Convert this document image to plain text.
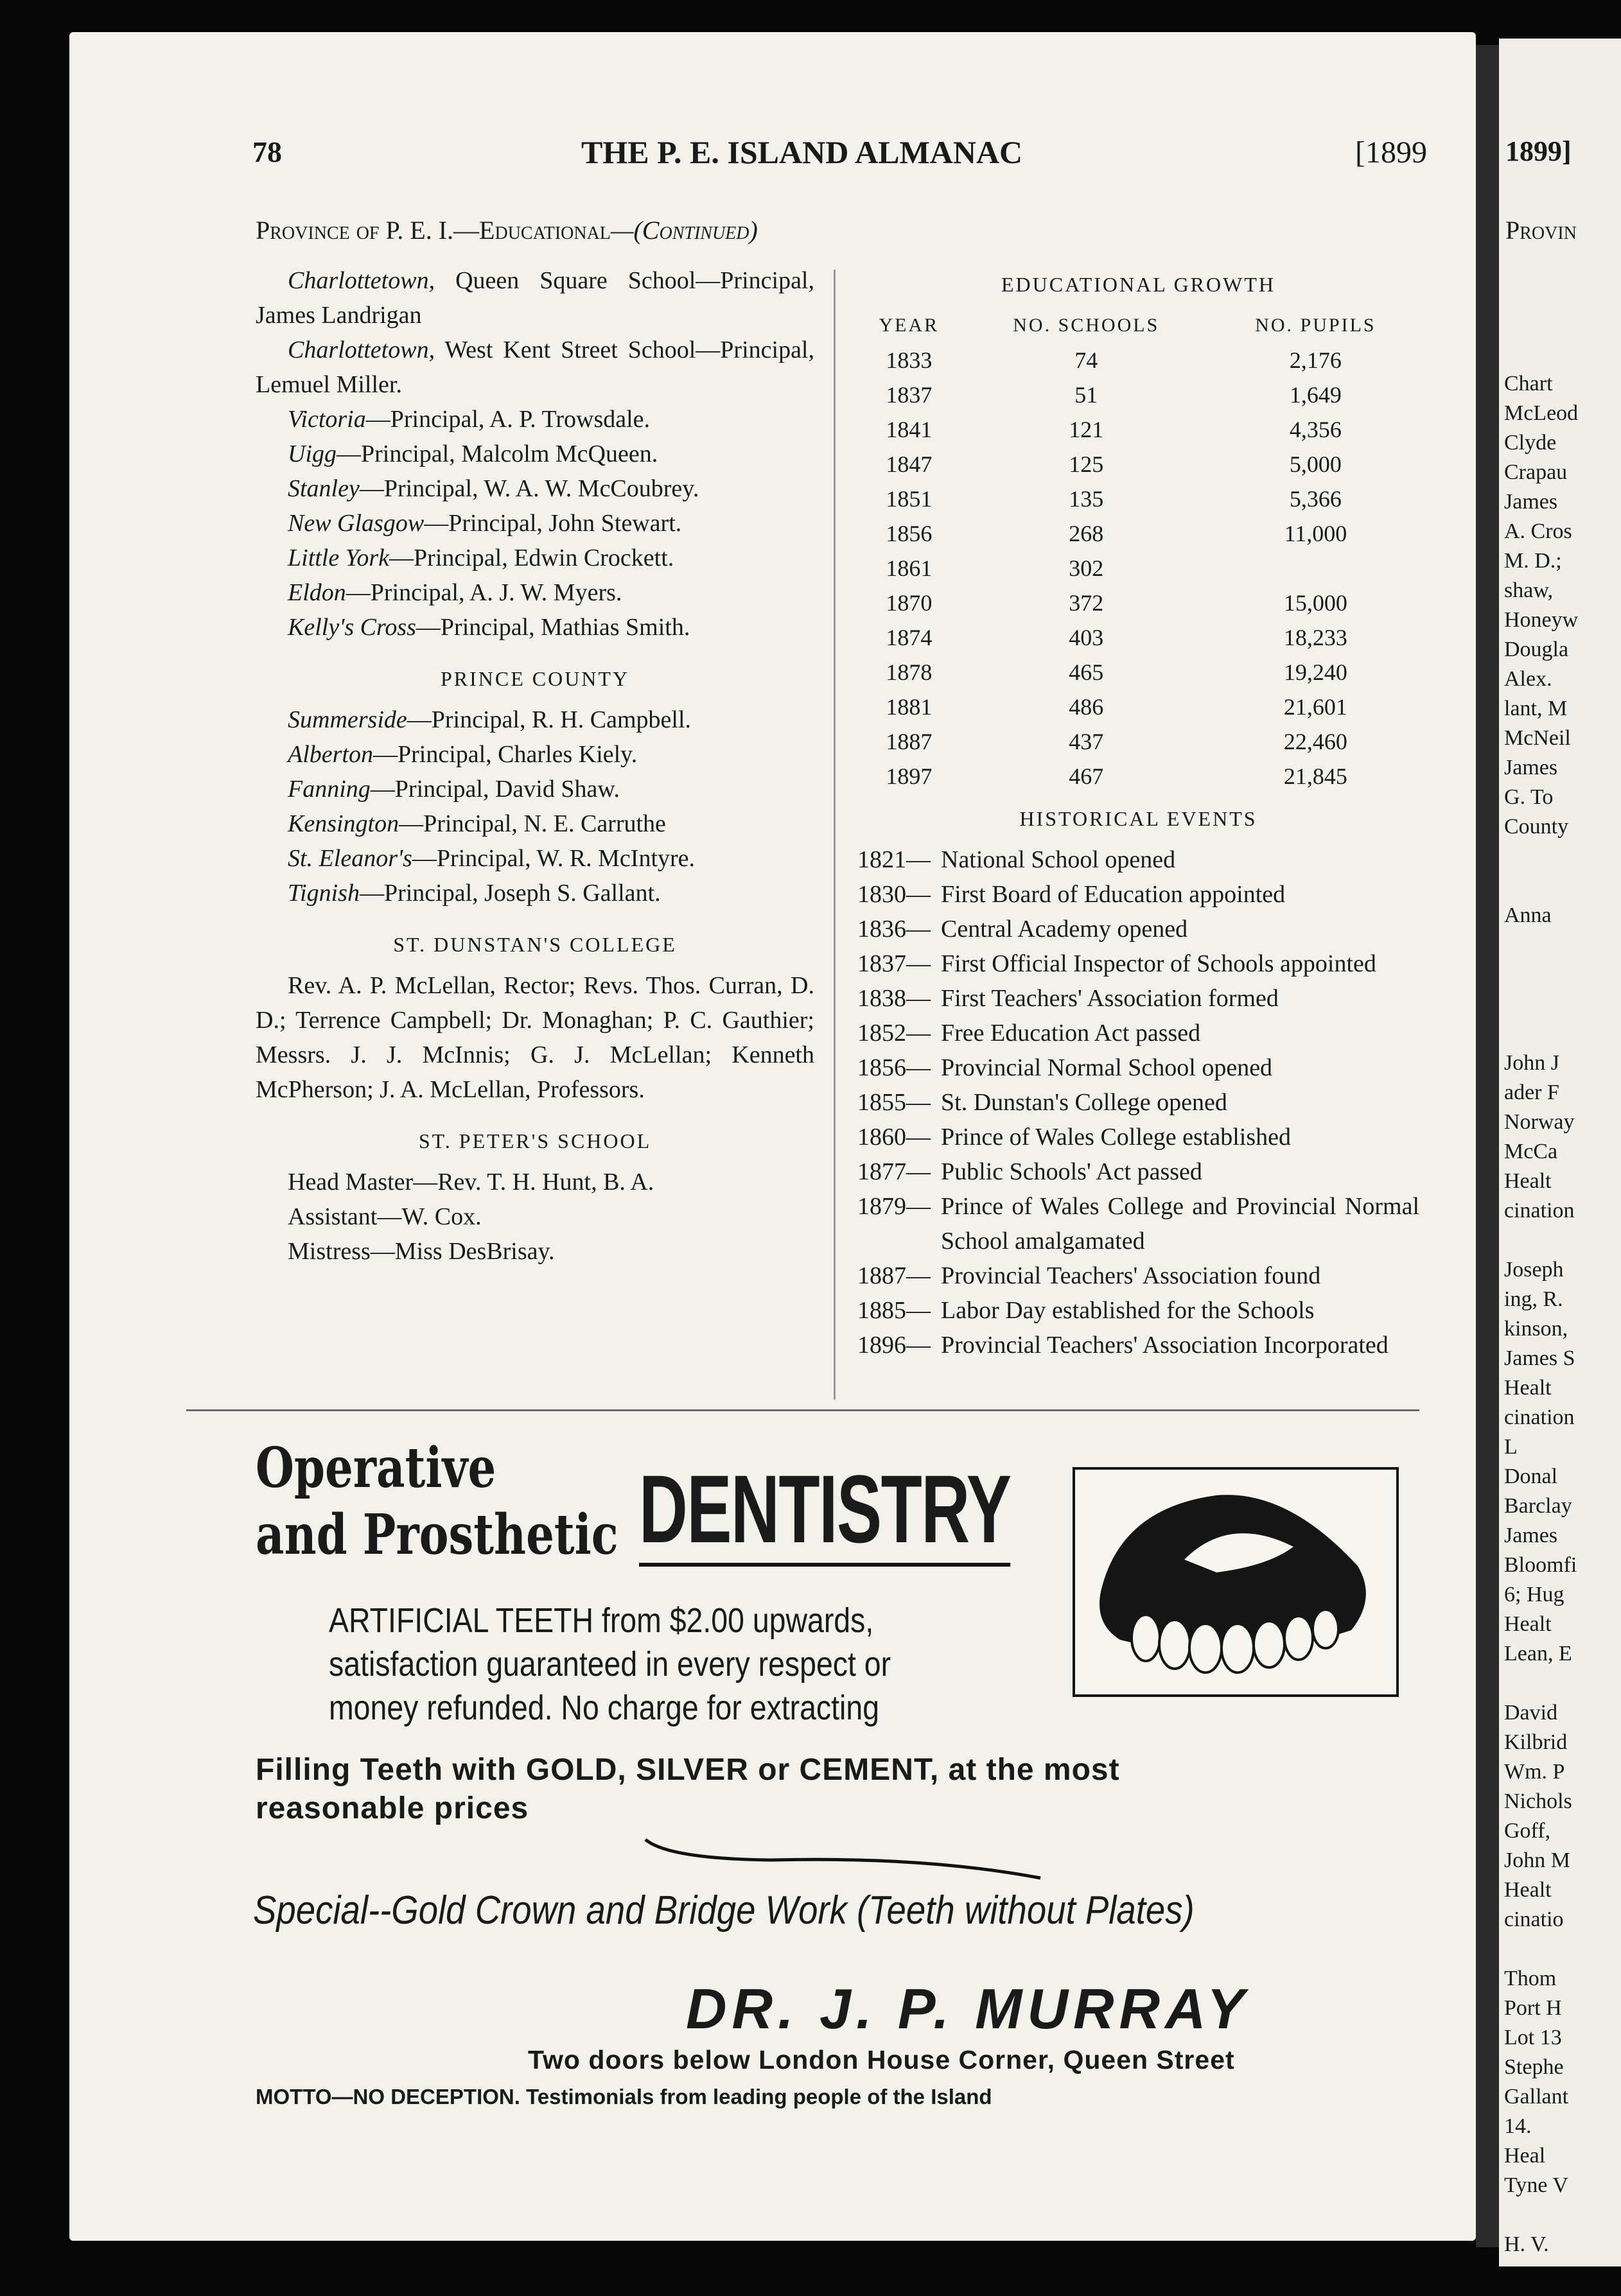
78	THE P. E. ISLAND ALMANAC	[1899
Province of P. E. I.—Educational—(Continued)

Charlottetown, Queen Square School—Principal, James Landrigan

Charlottetown, West Kent Street School—Principal, Lemuel Miller.

Victoria—Principal, A. P. Trowsdale.

Uigg—Principal, Malcolm McQueen.

Stanley—Principal, W. A. W. McCoubrey.

New Glasgow—Principal, John Stewart.

Little York—Principal, Edwin Crockett.

Eldon—Principal, A. J. W. Myers.

Kelly's Cross—Principal, Mathias Smith.

PRINCE COUNTY

Summerside—Principal, R. H. Campbell.

Alberton—Principal, Charles Kiely.

Fanning—Principal, David Shaw.

Kensington—Principal, N. E. Carruthe

St. Eleanor's—Principal, W. R. McIntyre.

Tignish—Principal, Joseph S. Gallant.

ST. DUNSTAN'S COLLEGE

Rev. A. P. McLellan, Rector; Revs. Thos. Curran, D. D.; Terrence Campbell; Dr. Monaghan; P. C. Gauthier; Messrs. J. J. McInnis; G. J. McLellan; Kenneth McPherson; J. A. McLellan, Professors.

ST. PETER'S SCHOOL
Head Master—Rev. T. H. Hunt, B. A.
Assistant—W. Cox.
Mistress—Miss DesBrisay.
EDUCATIONAL GROWTH
YEAR	NO. SCHOOLS	NO. PUPILS
1833	74	2,176
1837	51	1,649
1841	121	4,356
1847	125	5,000
1851	135	5,366
1856	268	11,000
1861	302	
1870	372	15,000
1874	403	18,233
1878	465	19,240
1881	486	21,601
1887	437	22,460
1897	467	21,845
HISTORICAL EVENTS
1821— National School opened
1830— First Board of Education appointed
1836— Central Academy opened
1837— First Official Inspector of Schools appointed
1838— First Teachers' Association formed
1852— Free Education Act passed
1856— Provincial Normal School opened
1855— St. Dunstan's College opened
1860— Prince of Wales College established
1877— Public Schools' Act passed
1879— Prince of Wales College and Provincial Normal School amalgamated
1887— Provincial Teachers' Association found
1885— Labor Day established for the Schools
1896— Provincial Teachers' Association Incorporated
Operative
and Prosthetic DENTISTRY
ARTIFICIAL TEETH from $2.00 upwards,
satisfaction guaranteed in every respect or
money refunded. No charge for extracting
Filling Teeth with GOLD, SILVER or CEMENT, at the most
reasonable prices
Special--Gold Crown and Bridge Work (Teeth without Plates)
DR. J. P. MURRAY
Two doors below London House Corner, Queen Street
MOTTO—NO DECEPTION. Testimonials from leading people of the Island
1899]
Provin
Chart
McLeod
Clyde
Crapau
James
A. Cros
M. D.;
shaw,
Honeyw
Dougla
Alex.
lant, M
McNeil
James
G. To
County
Anna
John J
ader F
Norway
McCa
Healt
cination
Joseph
ing, R.
kinson,
James S
Healt
cination
L
Donal
Barclay
James
Bloomfi
6; Hug
Healt
Lean, E
David
Kilbrid
Wm. P
Nichols
Goff,
John M
Healt
cinatio
Thom
Port H
Lot 13
Stephe
Gallant
14.
Heal
Tyne V
H. V.
